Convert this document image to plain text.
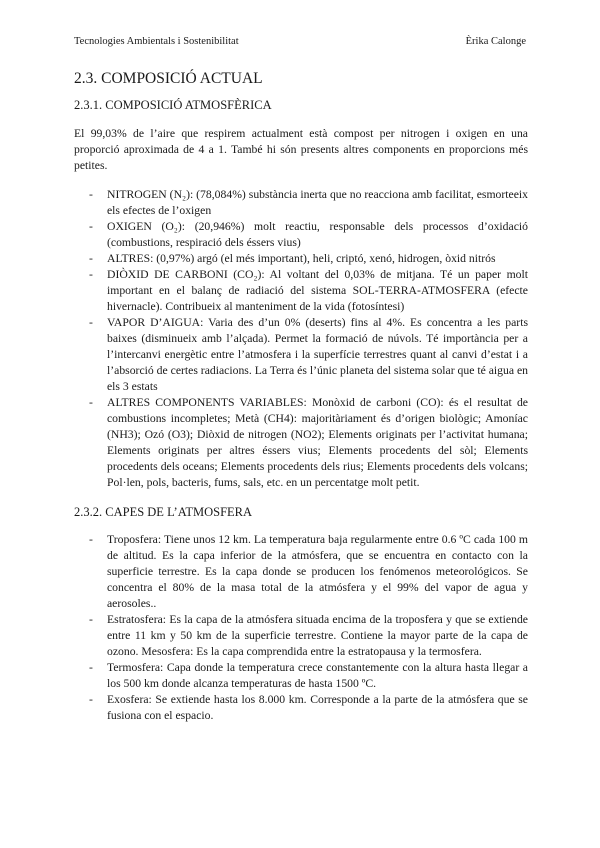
Tecnologies Ambientals i Sostenibilitat	Èrika Calonge
2.3. COMPOSICIÓ ACTUAL
2.3.1. COMPOSICIÓ ATMOSFÈRICA

El 99,03% de l’aire que respirem actualment està compost per nitrogen i oxigen en una proporció aproximada de 4 a 1. També hi són presents altres components en proporcions més petites.

- NITROGEN (N₂): (78,084%) substància inerta que no reacciona amb facilitat, esmorteeix els efectes de l’oxigen
- OXIGEN (O₂): (20,946%) molt reactiu, responsable dels processos d’oxidació (combustions, respiració dels éssers vius)
- ALTRES: (0,97%) argó (el més important), heli, criptó, xenó, hidrogen, òxid nitrós
- DIÒXID DE CARBONI (CO₂): Al voltant del 0,03% de mitjana. Té un paper molt important en el balanç de radiació del sistema SOL-TERRA-ATMOSFERA (efecte hivernacle). Contribueix al manteniment de la vida (fotosíntesi)
- VAPOR D’AIGUA: Varia des d’un 0% (deserts) fins al 4%. Es concentra a les parts baixes (disminueix amb l’alçada). Permet la formació de núvols. Té importància per a l’intercanvi energètic entre l’atmosfera i la superfície terrestres quant al canvi d’estat i a l’absorció de certes radiacions. La Terra és l’únic planeta del sistema solar que té aigua en els 3 estats
- ALTRES COMPONENTS VARIABLES: Monòxid de carboni (CO): és el resultat de combustions incompletes; Metà (CH4): majoritàriament és d’origen biològic; Amoníac (NH3); Ozó (O3); Diòxid de nitrogen (NO2); Elements originats per l’activitat humana; Elements originats per altres éssers vius; Elements procedents del sòl; Elements procedents dels oceans; Elements procedents dels rius; Elements procedents dels volcans; Pol·len, pols, bacteris, fums, sals, etc. en un percentatge molt petit.
2.3.2. CAPES DE L’ATMOSFERA
- Troposfera: Tiene unos 12 km. La temperatura baja regularmente entre 0.6 ºC cada 100 m de altitud. Es la capa inferior de la atmósfera, que se encuentra en contacto con la superficie terrestre. Es la capa donde se producen los fenómenos meteorológicos. Se concentra el 80% de la masa total de la atmósfera y el 99% del vapor de agua y aerosoles..
- Estratosfera: Es la capa de la atmósfera situada encima de la troposfera y que se extiende entre 11 km y 50 km de la superficie terrestre. Contiene la mayor parte de la capa de ozono. Mesosfera: Es la capa comprendida entre la estratopausa y la termosfera.
- Termosfera: Capa donde la temperatura crece constantemente con la altura hasta llegar a los 500 km donde alcanza temperaturas de hasta 1500 ºC.
- Exosfera: Se extiende hasta los 8.000 km. Corresponde a la parte de la atmósfera que se fusiona con el espacio.
